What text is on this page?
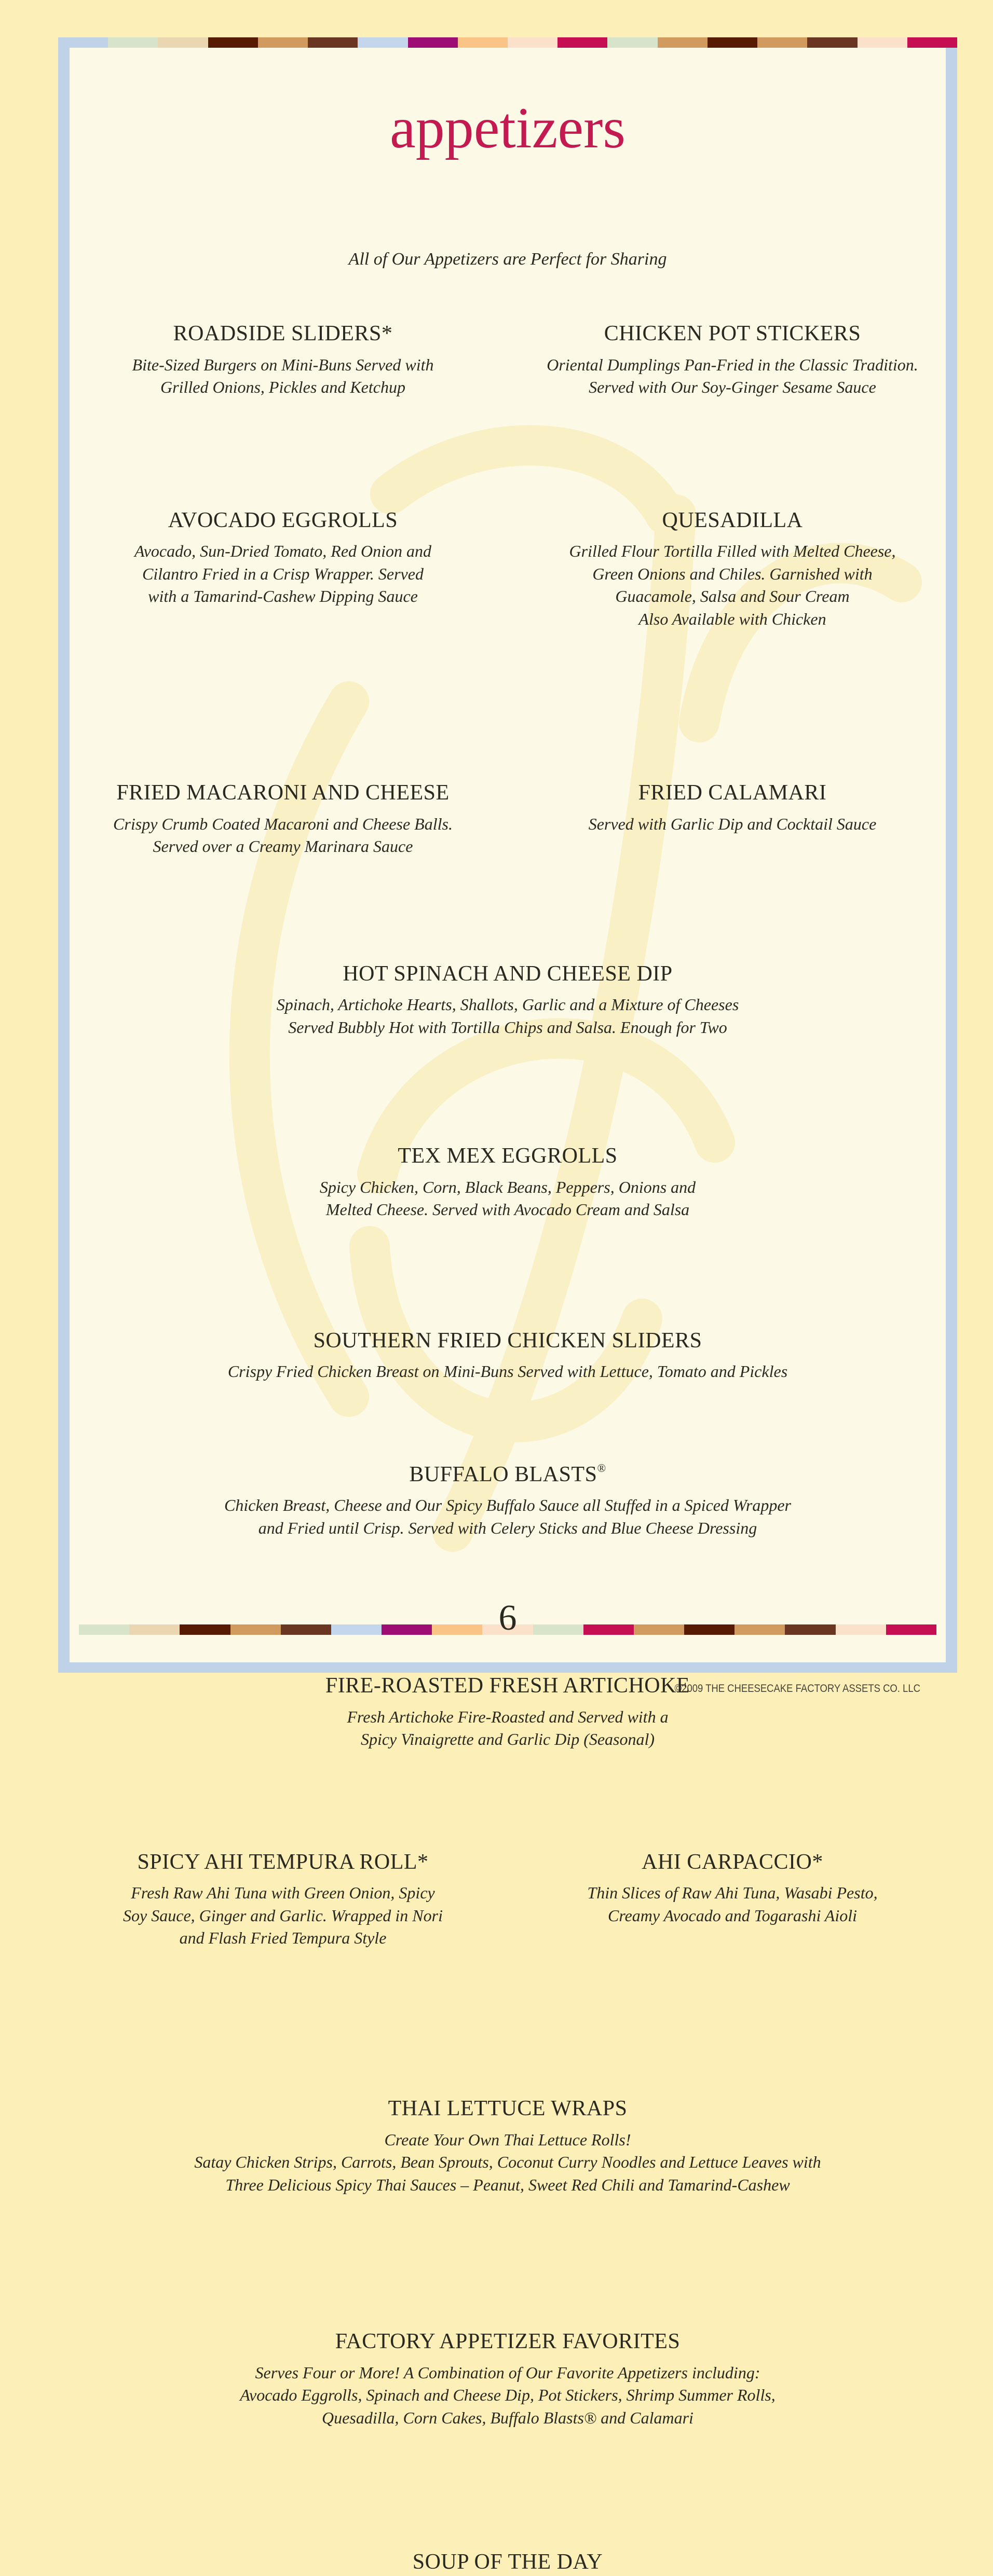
appetizers
All of Our Appetizers are Perfect for Sharing
ROADSIDE SLIDERS*
Bite-Sized Burgers on Mini-Buns Served with
Grilled Onions, Pickles and Ketchup
CHICKEN POT STICKERS
Oriental Dumplings Pan-Fried in the Classic Tradition.
Served with Our Soy-Ginger Sesame Sauce
AVOCADO EGGROLLS
Avocado, Sun-Dried Tomato, Red Onion and
Cilantro Fried in a Crisp Wrapper. Served
with a Tamarind-Cashew Dipping Sauce
QUESADILLA
Grilled Flour Tortilla Filled with Melted Cheese,
Green Onions and Chiles. Garnished with
Guacamole, Salsa and Sour Cream
Also Available with Chicken
FRIED MACARONI AND CHEESE
Crispy Crumb Coated Macaroni and Cheese Balls.
Served over a Creamy Marinara Sauce
FRIED CALAMARI
Served with Garlic Dip and Cocktail Sauce
HOT SPINACH AND CHEESE DIP
Spinach, Artichoke Hearts, Shallots, Garlic and a Mixture of Cheeses
Served Bubbly Hot with Tortilla Chips and Salsa. Enough for Two
TEX MEX EGGROLLS
Spicy Chicken, Corn, Black Beans, Peppers, Onions and
Melted Cheese. Served with Avocado Cream and Salsa
SOUTHERN FRIED CHICKEN SLIDERS
Crispy Fried Chicken Breast on Mini-Buns Served with Lettuce, Tomato and Pickles
BUFFALO BLASTS®
Chicken Breast, Cheese and Our Spicy Buffalo Sauce all Stuffed in a Spiced Wrapper
and Fried until Crisp. Served with Celery Sticks and Blue Cheese Dressing
FIRE-ROASTED FRESH ARTICHOKE
Fresh Artichoke Fire-Roasted and Served with a
Spicy Vinaigrette and Garlic Dip (Seasonal)
SPICY AHI TEMPURA ROLL*
Fresh Raw Ahi Tuna with Green Onion, Spicy
Soy Sauce, Ginger and Garlic. Wrapped in Nori
and Flash Fried Tempura Style
AHI CARPACCIO*
Thin Slices of Raw Ahi Tuna, Wasabi Pesto,
Creamy Avocado and Togarashi Aioli
THAI LETTUCE WRAPS
Create Your Own Thai Lettuce Rolls!
Satay Chicken Strips, Carrots, Bean Sprouts, Coconut Curry Noodles and Lettuce Leaves with
Three Delicious Spicy Thai Sauces – Peanut, Sweet Red Chili and Tamarind-Cashew
FACTORY APPETIZER FAVORITES
Serves Four or More! A Combination of Our Favorite Appetizers including:
Avocado Eggrolls, Spinach and Cheese Dip, Pot Stickers, Shrimp Summer Rolls,
Quesadilla, Corn Cakes, Buffalo Blasts® and Calamari
SOUP OF THE DAY
6
©2009 THE CHEESECAKE FACTORY ASSETS CO. LLC
